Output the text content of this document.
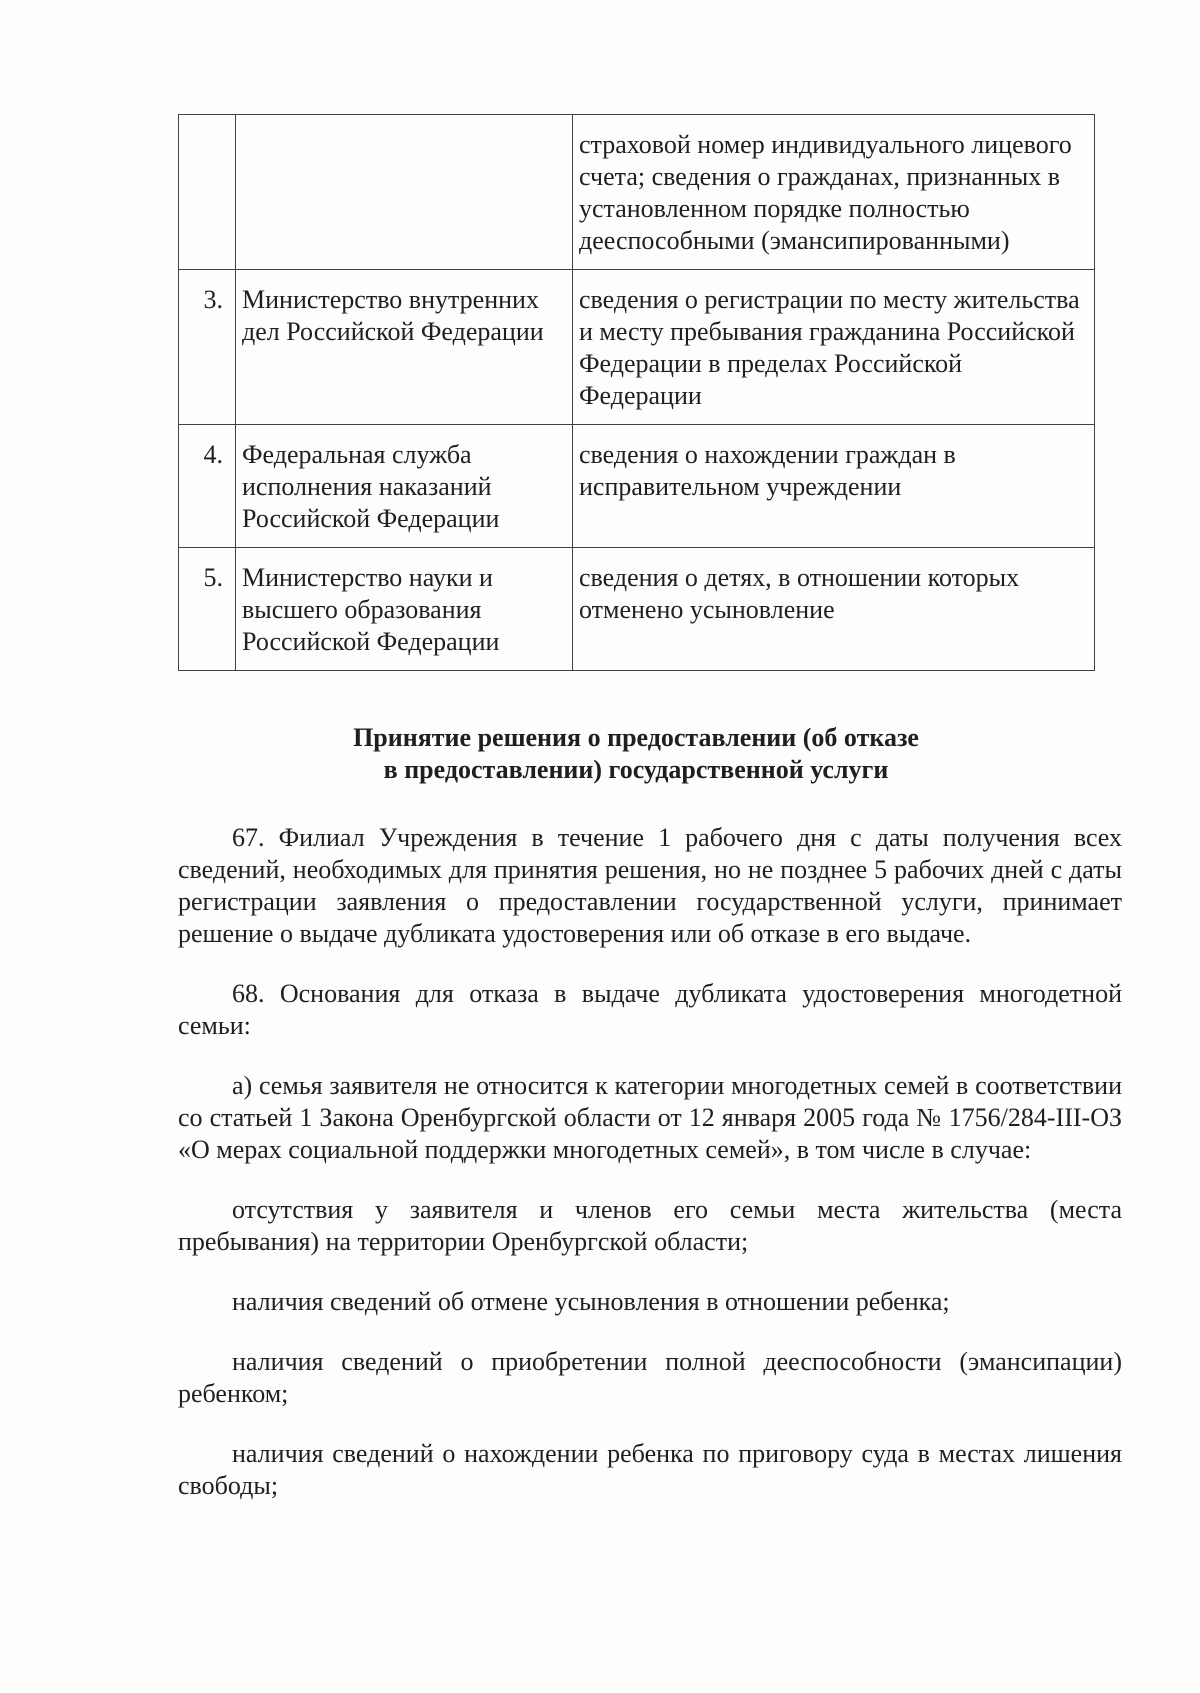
		страховой номер индивидуального лицевого счета; сведения о гражданах, признанных в установленном порядке полностью дееспособными (эмансипированными)
3.	Министерство внутренних дел Российской Федерации	сведения о регистрации по месту жительства и месту пребывания гражданина Российской Федерации в пределах Российской Федерации
4.	Федеральная служба исполнения наказаний Российской Федерации	сведения о нахождении граждан в исправительном учреждении
5.	Министерство науки и высшего образования Российской Федерации	сведения о детях, в отношении которых отменено усыновление
Принятие решения о предоставлении (об отказе
в предоставлении) государственной услуги

67. Филиал Учреждения в течение 1 рабочего дня с даты получения всех сведений, необходимых для принятия решения, но не позднее 5 рабочих дней с даты регистрации заявления о предоставлении государственной услуги, принимает решение о выдаче дубликата удостоверения или об отказе в его выдаче.

68. Основания для отказа в выдаче дубликата удостоверения многодетной семьи:

а) семья заявителя не относится к категории многодетных семей в соответствии со статьей 1 Закона Оренбургской области от 12 января 2005 года № 1756/284-III-ОЗ «О мерах социальной поддержки многодетных семей», в том числе в случае:

отсутствия у заявителя и членов его семьи места жительства (места пребывания) на территории Оренбургской области;

наличия сведений об отмене усыновления в отношении ребенка;

наличия сведений о приобретении полной дееспособности (эмансипации) ребенком;

наличия сведений о нахождении ребенка по приговору суда в местах лишения свободы;
